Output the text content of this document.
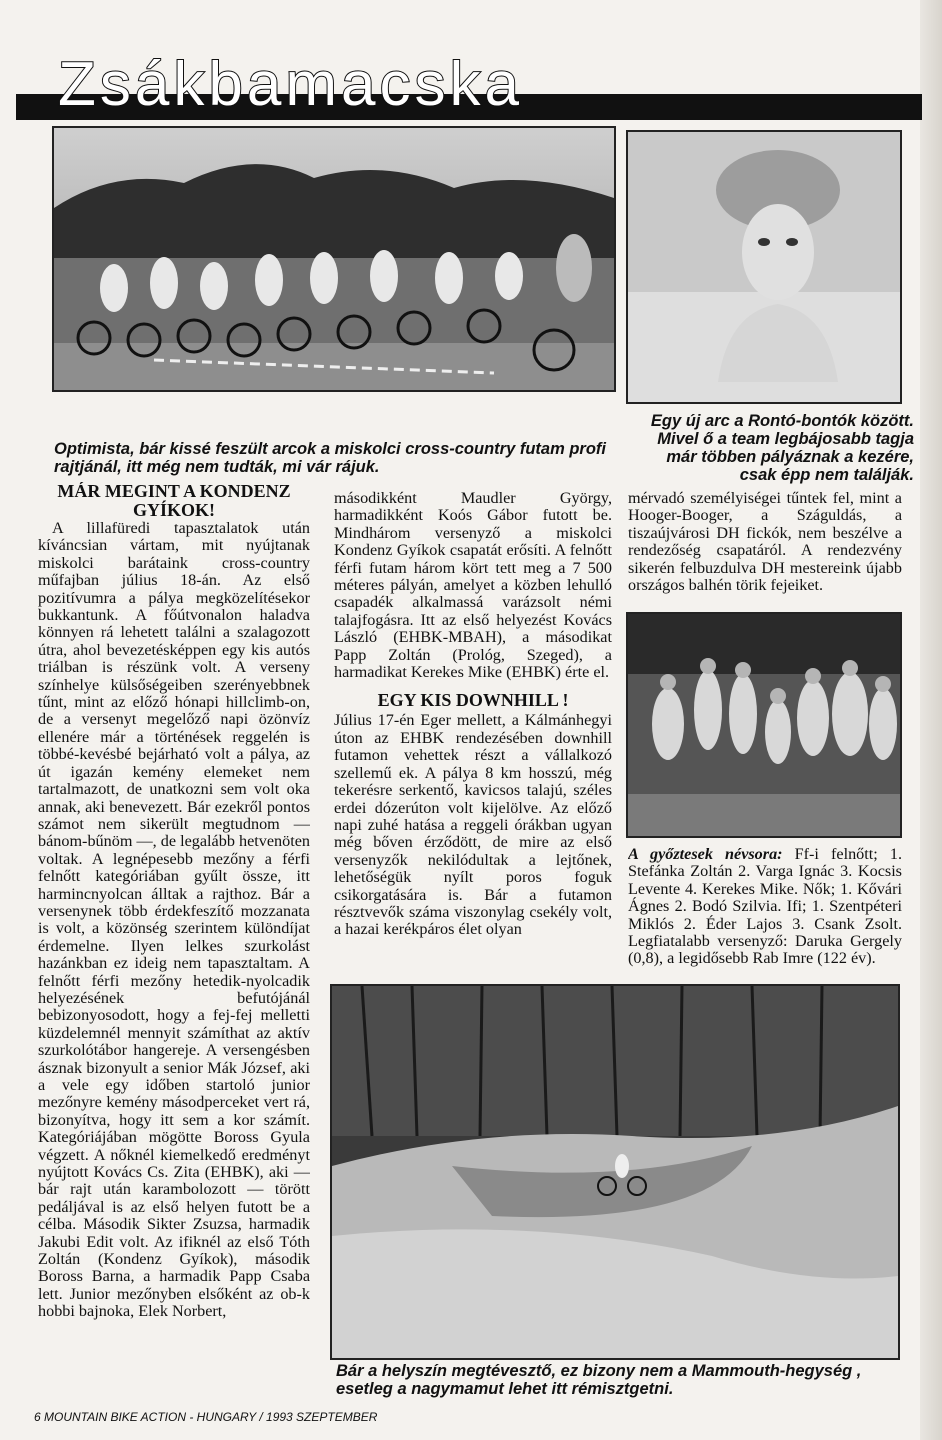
Zsákbamacska
Optimista, bár kissé feszült arcok a miskolci cross-country futam profi rajtjánál, itt még nem tudták, mi vár rájuk.
Egy új arc a Rontó-bontók között. Mivel ő a team legbájosabb tagja már többen pályáznak a kezére, csak épp nem találják.
MÁR MEGINT A KONDENZ GYÍKOK!

A lillafüredi tapasztalatok után kíváncsian vártam, mit nyújtanak miskolci barátaink cross-country műfajban július 18-án. Az első pozitívumra a pálya megközelítésekor bukkantunk. A főútvonalon haladva könnyen rá lehetett találni a szalagozott útra, ahol bevezetésképpen egy kis autós triálban is részünk volt. A verseny színhelye külsőségeiben szerényebbnek tűnt, mint az előző hónapi hillclimb-on, de a versenyt megelőző napi özönvíz ellenére már a történések reggelén is többé-kevésbé bejárható volt a pálya, az út igazán kemény elemeket nem tartalmazott, de unatkozni sem volt oka annak, aki benevezett. Bár ezekről pontos számot nem sikerült megtudnom — bánom-bűnöm —, de legalább hetvenöten voltak. A legnépesebb mezőny a férfi felnőtt kategóriában gyűlt össze, itt harmincnyolcan álltak a rajthoz. Bár a versenynek több érdekfeszítő mozzanata is volt, a közönség szerintem különdíjat érdemelne. Ilyen lelkes szurkolást hazánkban ez ideig nem tapasztaltam. A felnőtt férfi mezőny hetedik-nyolcadik helyezésének befutójánál bebizonyosodott, hogy a fej-fej melletti küzdelemnél mennyit számíthat az aktív szurkolótábor hangereje. A versengésben ásznak bizonyult a senior Mák József, aki a vele egy időben startoló junior mezőnyre kemény másodperceket vert rá, bizonyítva, hogy itt sem a kor számít. Kategóriájában mögötte Boross Gyula végzett. A nőknél kiemelkedő eredményt nyújtott Kovács Cs. Zita (EHBK), aki — bár rajt után karambolozott — törött pedáljával is az első helyen futott be a célba. Második Sikter Zsuzsa, harmadik Jakubi Edit volt. Az ifiknél az első Tóth Zoltán (Kondenz Gyíkok), második Boross Barna, a harmadik Papp Csaba lett. Junior mezőnyben elsőként az ob-k hobbi bajnoka, Elek Norbert,

másodikként Maudler György, harmadikként Koós Gábor futott be. Mindhárom versenyző a miskolci Kondenz Gyíkok csapatát erősíti. A felnőtt férfi futam három kört tett meg a 7 500 méteres pályán, amelyet a közben lehulló csapadék alkalmassá varázsolt némi talajfogásra. Itt az első helyezést Kovács László (EHBK-MBAH), a másodikat Papp Zoltán (Prológ, Szeged), a harmadikat Kerekes Mike (EHBK) érte el.

EGY KIS DOWNHILL !

Július 17-én Eger mellett, a Kálmánhegyi úton az EHBK rendezésében downhill futamon vehettek részt a vállalkozó szellemű ek. A pálya 8 km hosszú, még tekerésre serkentő, kavicsos talajú, széles erdei dózerúton volt kijelölve. Az előző napi zuhé hatása a reggeli órákban ugyan még bőven érződött, de mire az első versenyzők nekilódultak a lejtőnek, lehetőségük nyílt poros foguk csikorgatására is. Bár a futamon résztvevők száma viszonylag csekély volt, a hazai kerékpáros élet olyan

mérvadó személyiségei tűntek fel, mint a Hooger-Booger, a Száguldás, a tiszaújvárosi DH fickók, nem beszélve a rendezőség csapatáról. A rendezvény sikerén felbuzdulva DH mestereink újabb országos balhén törik fejeiket.

A győztesek névsora: Ff-i felnőtt; 1. Stefánka Zoltán 2. Varga Ignác 3. Kocsis Levente 4. Kerekes Mike. Nők; 1. Kővári Ágnes 2. Bodó Szilvia. Ifi; 1. Szentpéteri Miklós 2. Éder Lajos 3. Csank Zsolt. Legfiatalabb versenyző: Daruka Gergely (0,8), a legidősebb Rab Imre (122 év).

Bár a helyszín megtévesztő, ez bizony nem a Mammouth-hegység , esetleg a nagymamut lehet itt rémisztgetni.
6 MOUNTAIN BIKE ACTION - HUNGARY / 1993 SZEPTEMBER
